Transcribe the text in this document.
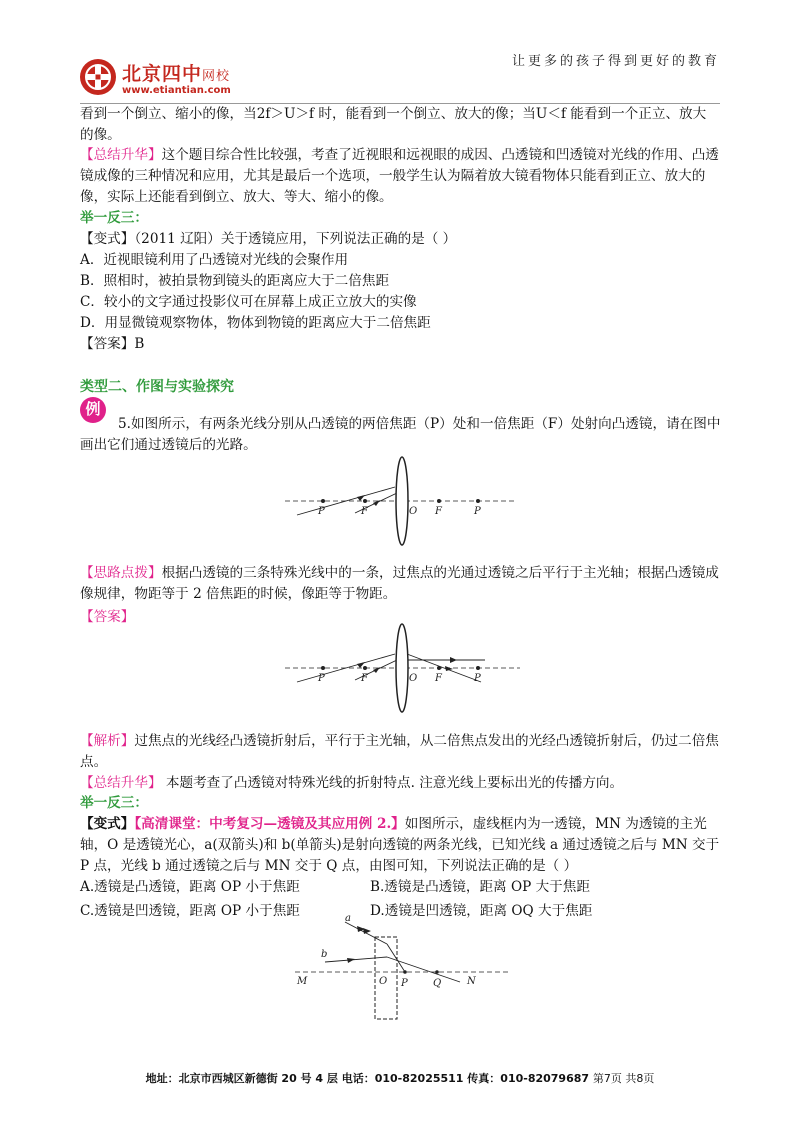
让更多的孩子得到更好的教育
北京四中网校
www.etiantian.com

看到一个倒立、缩小的像，当2f＞U＞f 时，能看到一个倒立、放大的像；当U＜f 能看到一个正立、放大

的像。

【总结升华】这个题目综合性比较强，考查了近视眼和远视眼的成因、凸透镜和凹透镜对光线的作用、凸透镜成像的三种情况和应用，尤其是最后一个选项，一般学生认为隔着放大镜看物体只能看到正立、放大的像，实际上还能看到倒立、放大、等大、缩小的像。

举一反三：

【变式】（2011 辽阳）关于透镜应用，下列说法正确的是（ ）

A．近视眼镜利用了凸透镜对光线的会聚作用

B．照相时，被拍景物到镜头的距离应大于二倍焦距

C．较小的文字通过投影仪可在屏幕上成正立放大的实像

D．用显微镜观察物体，物体到物镜的距离应大于二倍焦距

【答案】B

类型二、作图与实验探究
例

5.如图所示，有两条光线分别从凸透镜的两倍焦距（P）处和一倍焦距（F）处射向凸透镜，请在图中画出它们通过透镜后的光路。

P	F	O F	P

【思路点拨】根据凸透镜的三条特殊光线中的一条，过焦点的光通过透镜之后平行于主光轴；根据凸透镜成像规律，物距等于 2 倍焦距的时候，像距等于物距。

【答案】

P	F	O F	P

【解析】过焦点的光线经凸透镜折射后，平行于主光轴，从二倍焦点发出的光经凸透镜折射后，仍过二倍焦点。

【总结升华】 本题考查了凸透镜对特殊光线的折射特点. 注意光线上要标出光的传播方向。

举一反三：

【变式】【高清课堂：中考复习—透镜及其应用例 2.】如图所示，虚线框内为一透镜，MN 为透镜的主光轴，O 是透镜光心，a(双箭头)和 b(单箭头)是射向透镜的两条光线，已知光线 a 通过透镜之后与 MN 交于 P 点，光线 b 通过透镜之后与 MN 交于 Q 点，由图可知，下列说法正确的是（ ）

A.透镜是凸透镜，距离 OP 小于焦距	B.透镜是凸透镜，距离 OP 大于焦距
C.透镜是凹透镜，距离 OP 小于焦距	D.透镜是凹透镜，距离 OQ 大于焦距
a
b
M	O P	Q	N
地址：北京市西城区新德街 20 号 4 层 电话：010-82025511 传真：010-82079687 第7页 共8页
